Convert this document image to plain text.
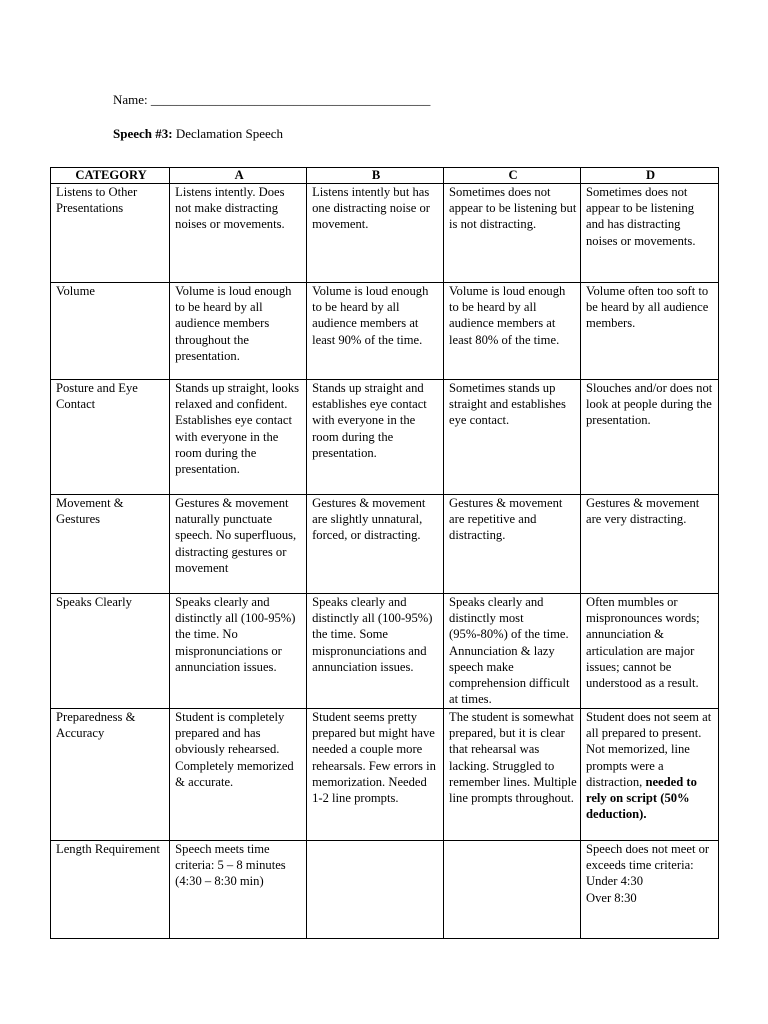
Name: ___________________________________________
Speech #3: Declamation Speech
CATEGORY	A	B	C	D
Listens to Other Presentations	Listens intently. Does not make distracting noises or movements.	Listens intently but has one distracting noise or movement.	Sometimes does not appear to be listening but is not distracting.	Sometimes does not appear to be listening and has distracting noises or movements.
Volume	Volume is loud enough to be heard by all audience members throughout the presentation.	Volume is loud enough to be heard by all audience members at least 90% of the time.	Volume is loud enough to be heard by all audience members at least 80% of the time.	Volume often too soft to be heard by all audience members.
Posture and Eye Contact	Stands up straight, looks relaxed and confident. Establishes eye contact with everyone in the room during the presentation.	Stands up straight and establishes eye contact with everyone in the room during the presentation.	Sometimes stands up straight and establishes eye contact.	Slouches and/or does not look at people during the presentation.
Movement & Gestures	Gestures & movement naturally punctuate speech. No superfluous, distracting gestures or movement	Gestures & movement are slightly unnatural, forced, or distracting.	Gestures & movement are repetitive and distracting.	Gestures & movement are very distracting.
Speaks Clearly	Speaks clearly and distinctly all (100-95%) the time. No mispronunciations or annunciation issues.	Speaks clearly and distinctly all (100-95%) the time. Some mispronunciations and annunciation issues.	Speaks clearly and distinctly most (95%-80%) of the time. Annunciation & lazy speech make comprehension difficult at times.	Often mumbles or mispronounces words; annunciation & articulation are major issues; cannot be understood as a result.
Preparedness & Accuracy	Student is completely prepared and has obviously rehearsed. Completely memorized & accurate.	Student seems pretty prepared but might have needed a couple more rehearsals. Few errors in memorization. Needed 1-2 line prompts.	The student is somewhat prepared, but it is clear that rehearsal was lacking. Struggled to remember lines. Multiple line prompts throughout.	Student does not seem at all prepared to present. Not memorized, line prompts were a distraction, needed to rely on script (50% deduction).
Length Requirement	Speech meets time criteria: 5 – 8 minutes (4:30 – 8:30 min)			Speech does not meet or exceeds time criteria:
Under 4:30
Over 8:30
